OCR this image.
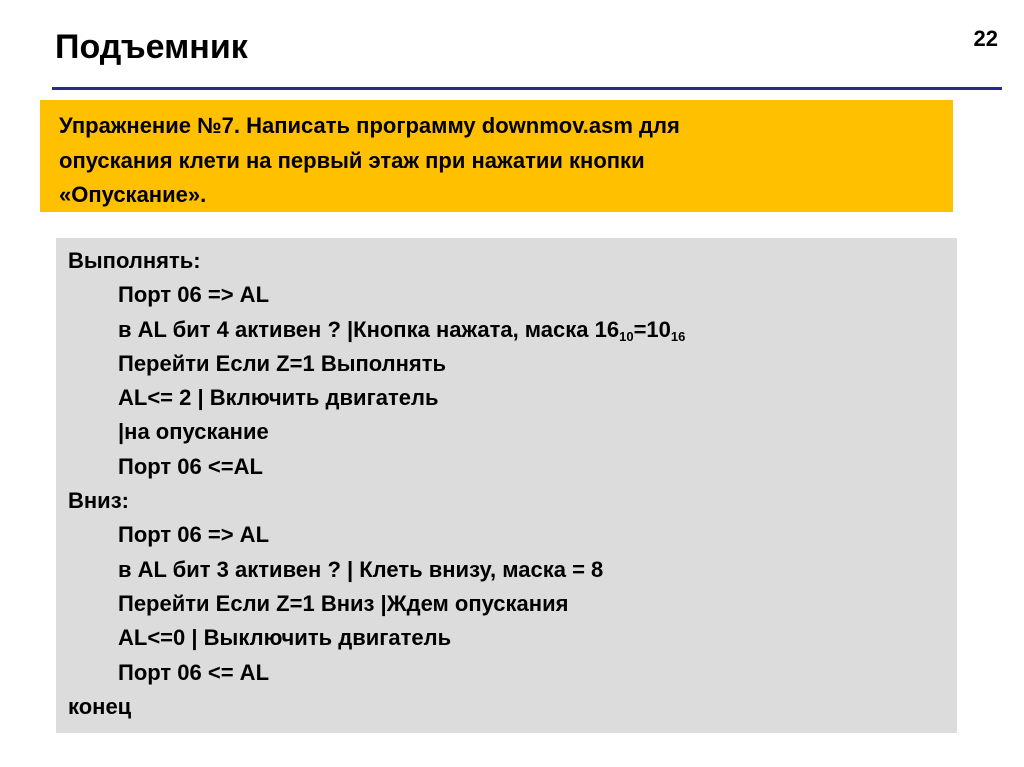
Подъемник	22
Упражнение №7. Написать программу downmov.asm для
опускания клети на первый этаж при нажатии кнопки
«Опускание».
Выполнять:
Порт 06 => AL
в AL бит 4 активен ? |Кнопка нажата, маска $16_{10}=10_{16}$
Перейти Если Z=1 Выполнять
AL<= 2 | Включить двигатель
|на опускание
Порт 06 <=AL
Вниз:
Порт 06 => AL
в AL бит 3 активен ? | Клеть внизу, маска = 8
Перейти Если Z=1 Вниз |Ждем опускания
AL<=0 | Выключить двигатель
Порт 06 <= AL
конец
